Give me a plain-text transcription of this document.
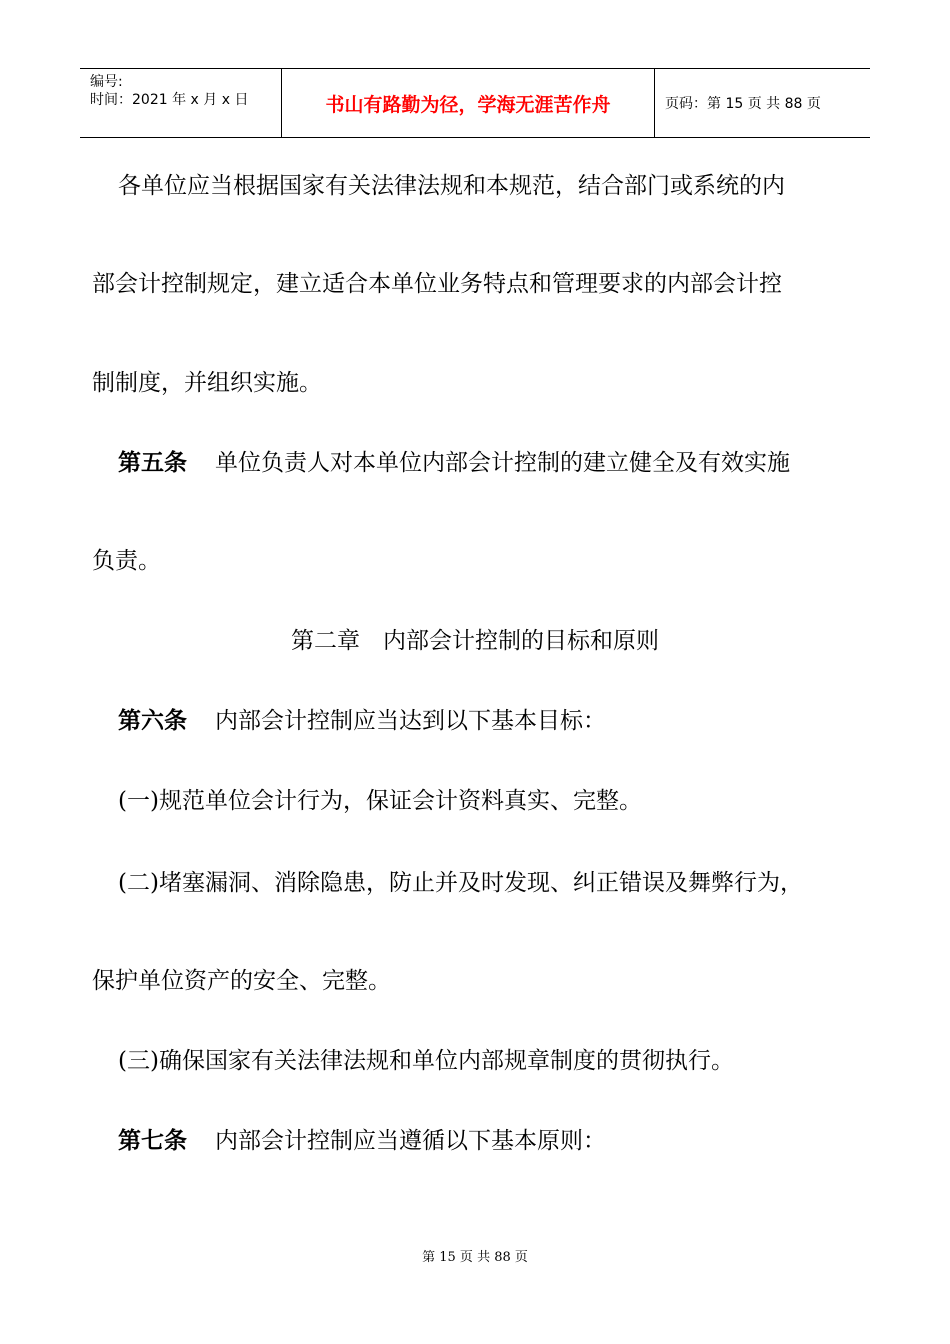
编号:
时间：2021 年 x 月 x 日	书山有路勤为径，学海无涯苦作舟	页码：第 15 页 共 88 页
各单位应当根据国家有关法律法规和本规范，结合部门或系统的内
部会计控制规定，建立适合本单位业务特点和管理要求的内部会计控
制制度，并组织实施。
第五条 单位负责人对本单位内部会计控制的建立健全及有效实施
负责。
第二章　内部会计控制的目标和原则
第六条 内部会计控制应当达到以下基本目标：
(一)规范单位会计行为，保证会计资料真实、完整。
(二)堵塞漏洞、消除隐患，防止并及时发现、纠正错误及舞弊行为，
保护单位资产的安全、完整。
(三)确保国家有关法律法规和单位内部规章制度的贯彻执行。
第七条 内部会计控制应当遵循以下基本原则：
第 15 页 共 88 页
